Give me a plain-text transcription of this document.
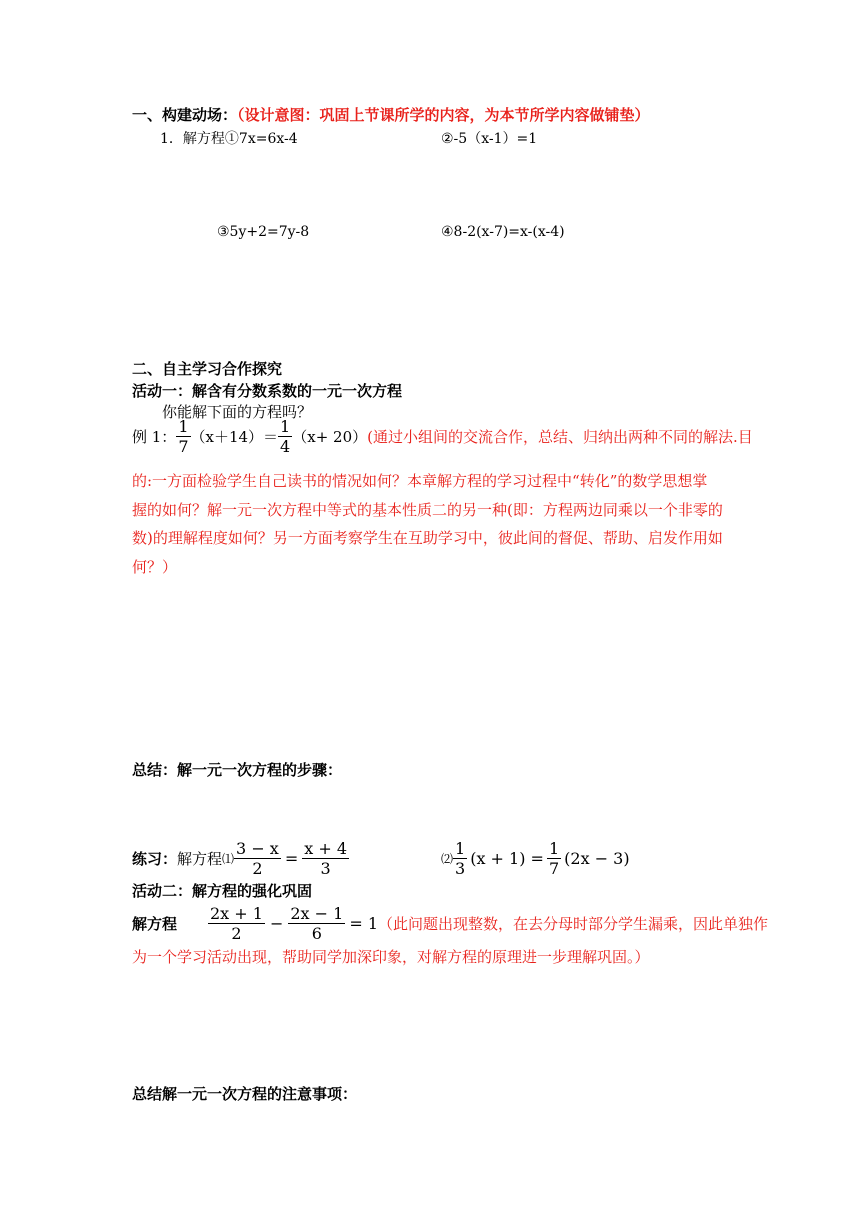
一、构建动场：（设计意图：巩固上节课所学的内容，为本节所学内容做铺垫）
1．解方程①7x=6x-4	②-5（x-1）=1
③5y+2=7y-8	④8-2(x-7)=x-(x-4)
二、自主学习合作探究
活动一：解含有分数系数的一元一次方程
你能解下面的方程吗？
例 1： $\frac{1}{7} (x+14)= \frac{1}{4} (x+ 20)$ (通过小组间的交流合作，总结、归纳出两种不同的解法.目
的:一方面检验学生自己读书的情况如何？本章解方程的学习过程中“转化”的数学思想掌
握的如何？解一元一次方程中等式的基本性质二的另一种(即：方程两边同乘以一个非零的
数)的理解程度如何？另一方面考察学生在互助学习中，彼此间的督促、帮助、启发作用如
何？）
总结：解一元一次方程的步骤：
练习： 解方程 ⑴ $\frac{3 - x}{2} = \frac{x + 4}{3}$	⑵ $\frac{1}{3} (x + 1) = \frac{1}{7} (2x - 3)$
活动二：解方程的强化巩固
解方程	$\frac{2x + 1}{2} - \frac{2x - 1}{6} = 1$ （此问题出现整数，在去分母时部分学生漏乘，因此单独作
为一个学习活动出现，帮助同学加深印象，对解方程的原理进一步理解巩固。）
总结解一元一次方程的注意事项：
